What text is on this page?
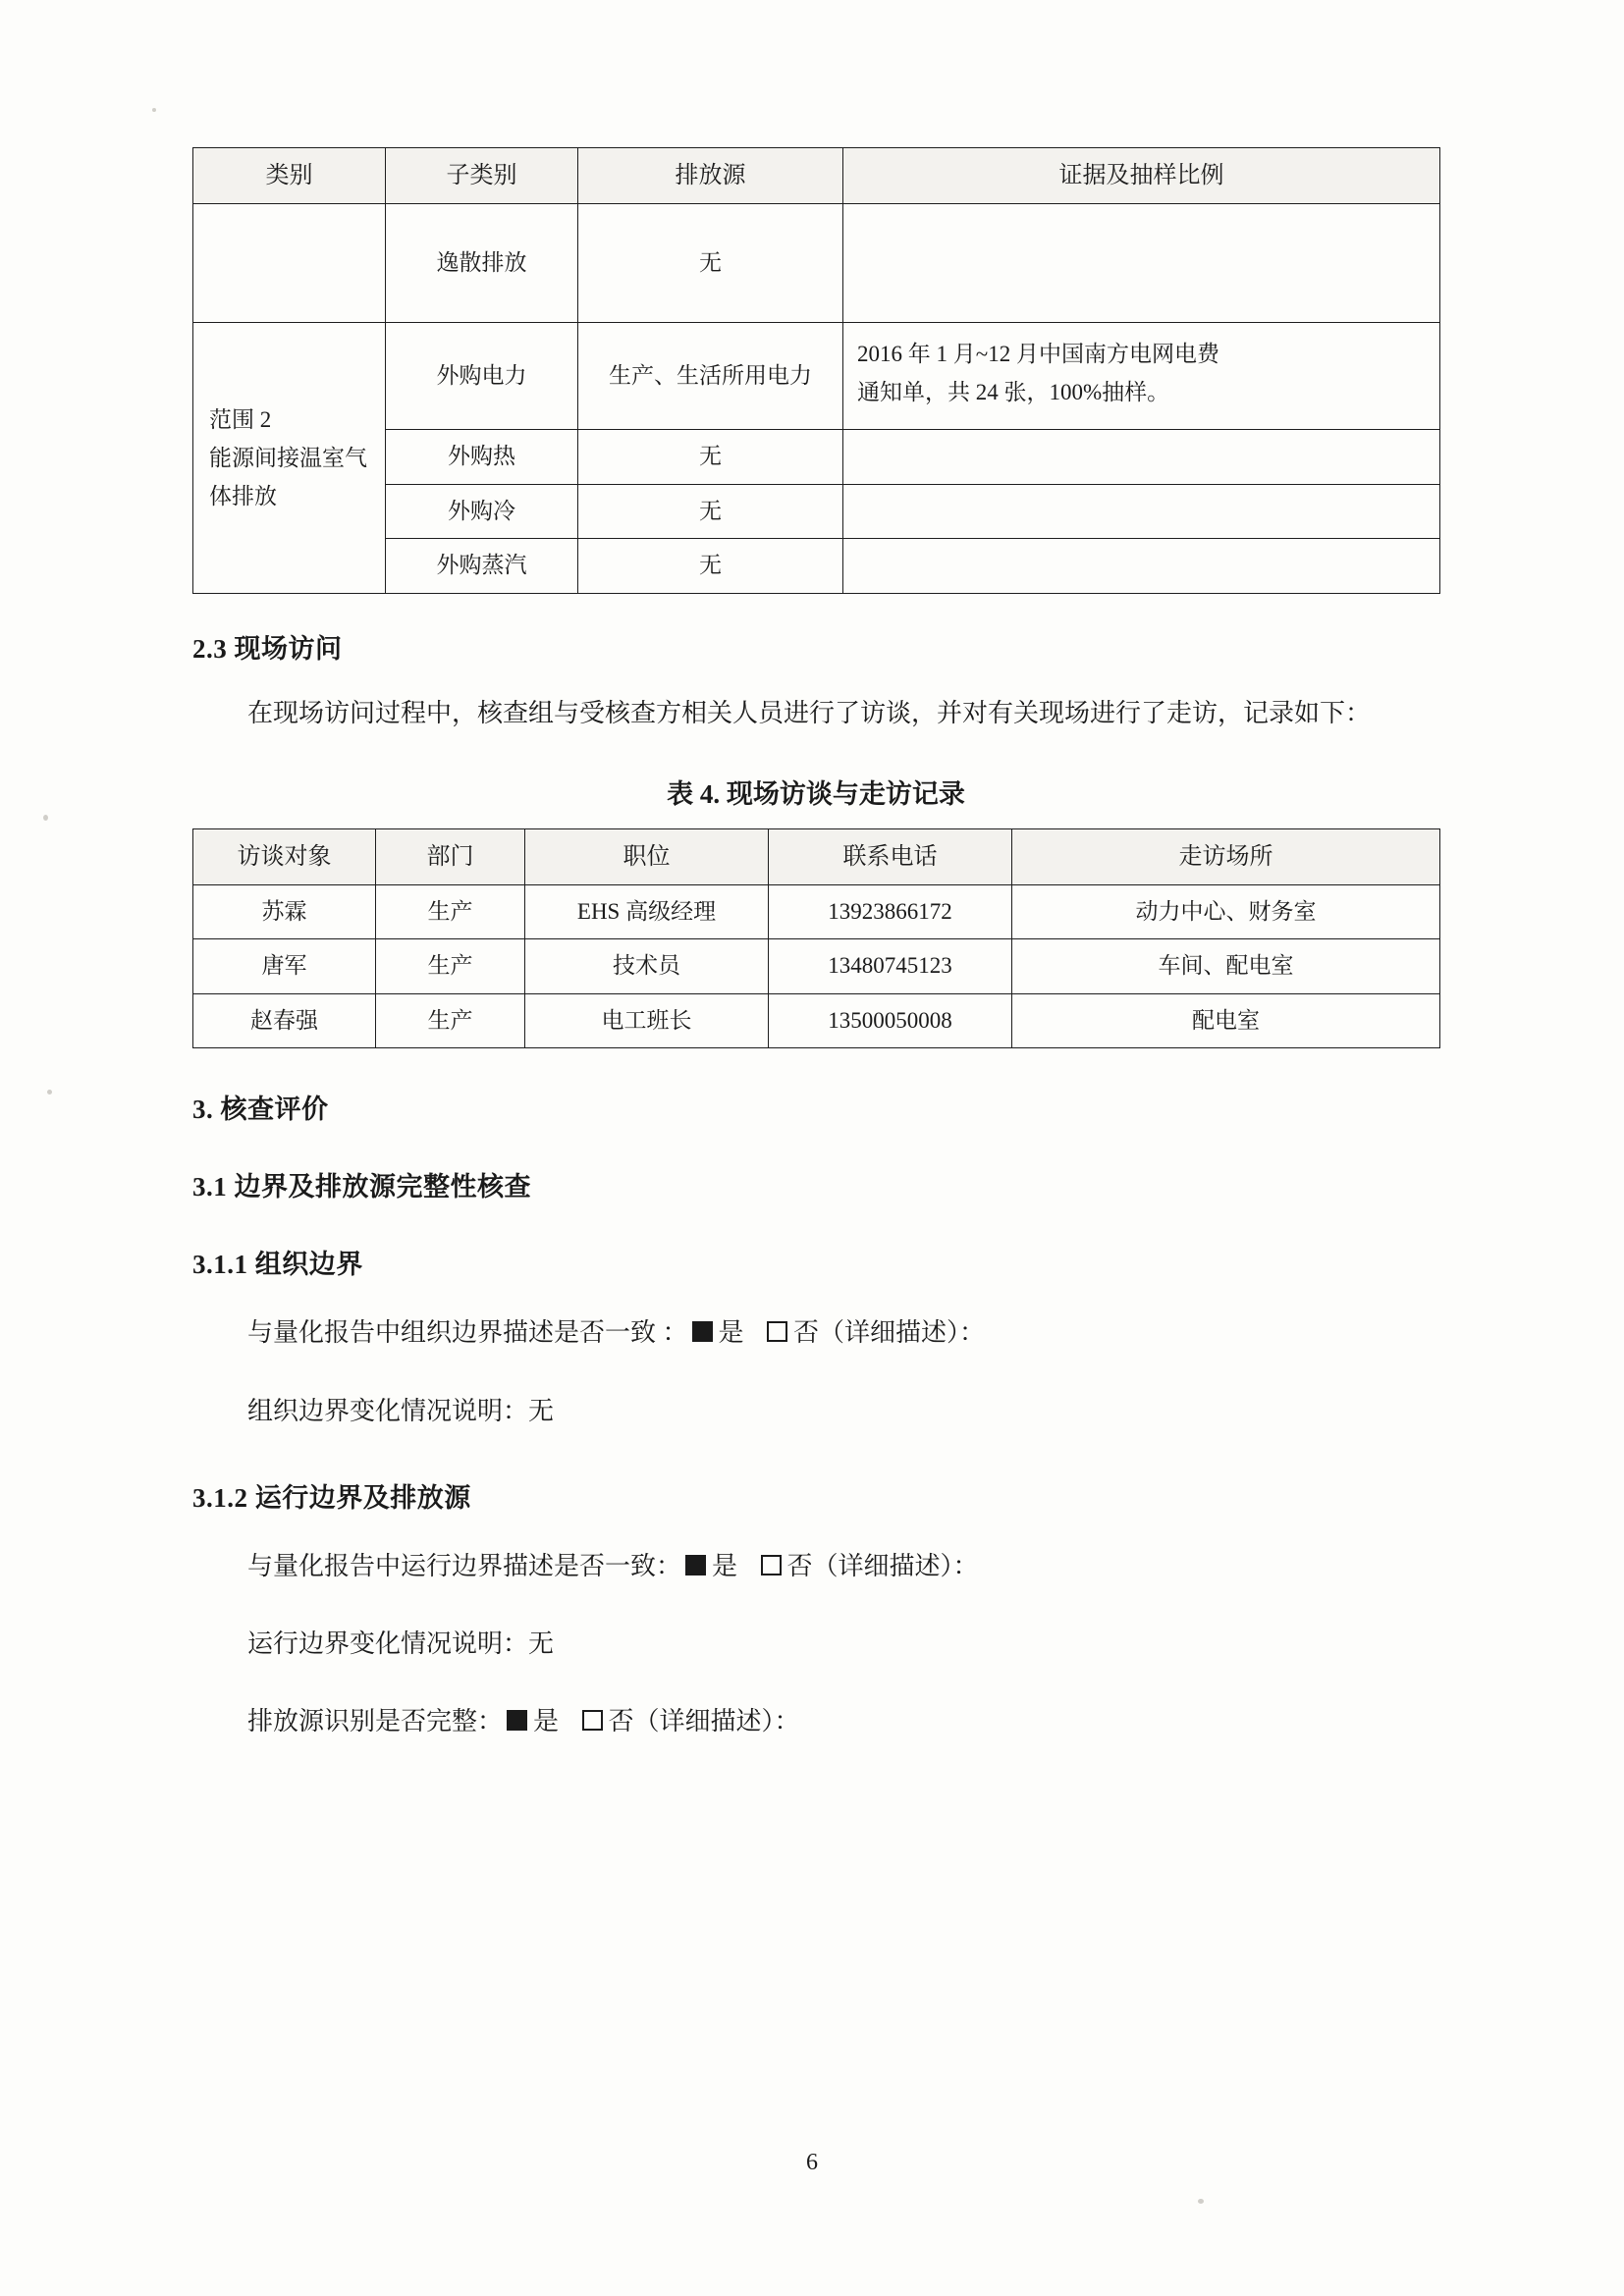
类别	子类别	排放源	证据及抽样比例
	逸散排放	无	

范围 2
能源间接温室气
体排放
	外购电力	生产、生活所用电力	
2016 年 1 月~12 月中国南方电网电费
通知单，共 24 张，100%抽样。

	外购热	无	
	外购冷	无	
	外购蒸汽	无	
2.3 现场访问
在现场访问过程中，核查组与受核查方相关人员进行了访谈，并对有关现场进行了走访，记录如下：
表 4. 现场访谈与走访记录
访谈对象	部门	职位	联系电话	走访场所
苏霖	生产	EHS 高级经理	13923866172	动力中心、财务室
唐军	生产	技术员	13480745123	车间、配电室
赵春强	生产	电工班长	13500050008	配电室
3. 核查评价
3.1 边界及排放源完整性核查
3.1.1 组织边界
与量化报告中组织边界描述是否一致 ： 是 否（详细描述）：
组织边界变化情况说明：无
3.1.2 运行边界及排放源
与量化报告中运行边界描述是否一致： 是 否（详细描述）：
运行边界变化情况说明：无
排放源识别是否完整： 是 否（详细描述）：
6
